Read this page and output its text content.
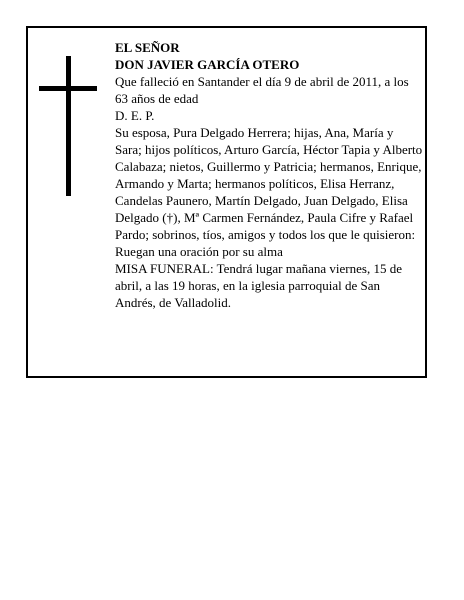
EL SEÑOR

DON JAVIER GARCÍA OTERO

Que falleció en Santander el día 9 de abril de 2011, a los 63 años de edad

D. E. P.

Su esposa, Pura Delgado Herrera; hijas, Ana, María y Sara; hijos políticos, Arturo García, Héctor Tapia y Alberto Calabaza; nietos, Guillermo y Patricia; hermanos, Enrique, Armando y Marta; hermanos políticos, Elisa Herranz, Candelas Paunero, Martín Delgado, Juan Delgado, Elisa Delgado (†), Mª Carmen Fernández, Paula Cifre y Rafael Pardo; sobrinos, tíos, amigos y todos los que le quisieron:

Ruegan una oración por su alma

MISA FUNERAL: Tendrá lugar mañana viernes, 15 de abril, a las 19 horas, en la iglesia parroquial de San Andrés, de Valladolid.
